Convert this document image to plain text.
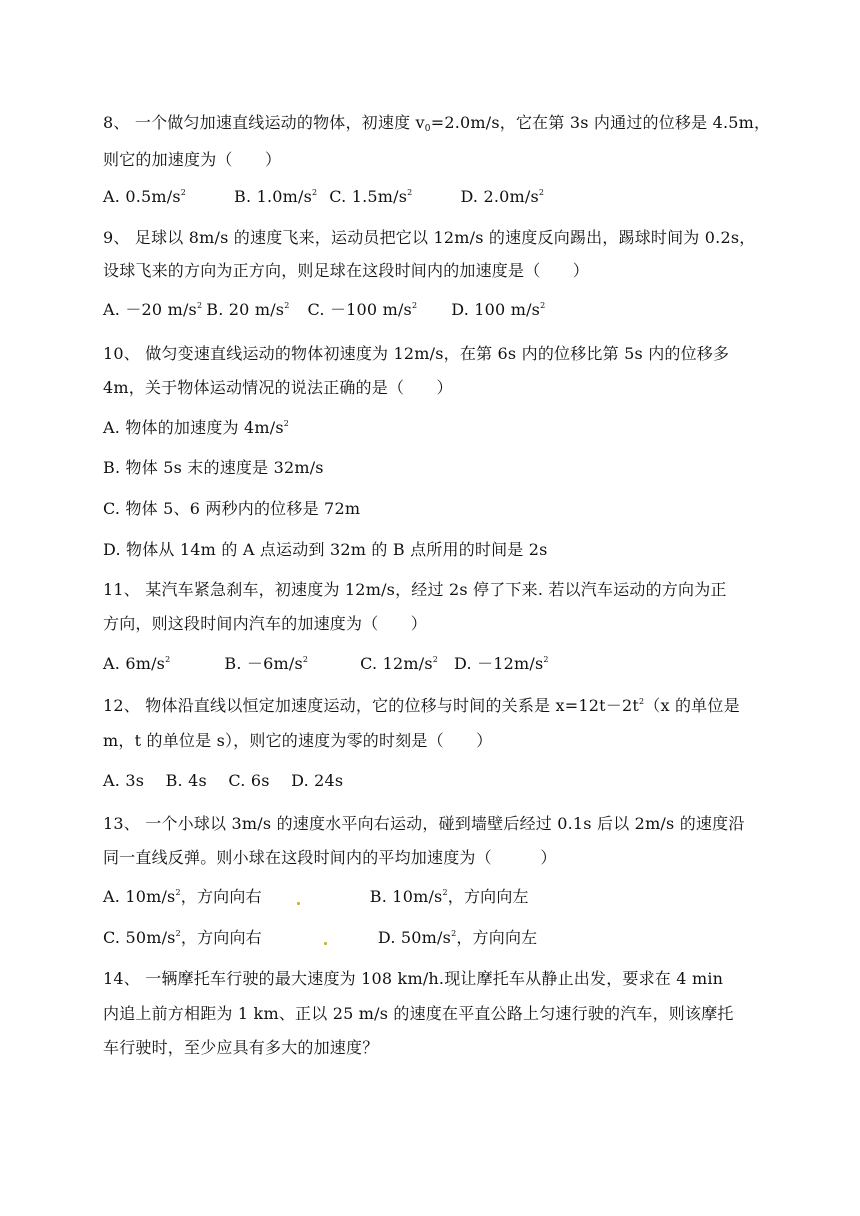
8、 一个做匀加速直线运动的物体，初速度 $v_0=2.0m/s$，它在第 3s 内通过的位移是 4.5m，
则它的加速度为（　　）
A. $0.5m/s^2$	B. $1.0m/s^2$ C. $1.5m/s^2$	D. $2.0m/s^2$
9、 足球以 8m/s 的速度飞来，运动员把它以 12m/s 的速度反向踢出，踢球时间为 0.2s，
设球飞来的方向为正方向，则足球在这段时间内的加速度是（　　）
A. －20 $m/s^2$ B. 20 $m/s^2$ C. －100 $m/s^2$ D. 100 $m/s^2$
10、 做匀变速直线运动的物体初速度为 12m/s，在第 6s 内的位移比第 5s 内的位移多
4m，关于物体运动情况的说法正确的是（　　）
A. 物体的加速度为 $4m/s^2$
B. 物体 5s 末的速度是 32m/s
C. 物体 5、6 两秒内的位移是 72m
D. 物体从 14m 的 A 点运动到 32m 的 B 点所用的时间是 2s
11、 某汽车紧急刹车，初速度为 12m/s，经过 2s 停了下来. 若以汽车运动的方向为正
方向，则这段时间内汽车的加速度为（　　）
A. $6m/s^2$	B. $-6m/s^2$	C. $12m/s^2$ D. $-12m/s^2$
12、 物体沿直线以恒定加速度运动，它的位移与时间的关系是 $x=12t-2t^2(x$ 的单位是
m，t 的单位是 s），则它的速度为零的时刻是（　　）
A. 3s　 B. 4s　 C. 6s　 D. 24s
13、 一个小球以 3m/s 的速度水平向右运动，碰到墙壁后经过 0.1s 后以 2m/s 的速度沿
同一直线反弹。则小球在这段时间内的平均加速度为（　　　）
A. $10m/s^2$，方向向右	B. $10m/s^2$，方向向左
C. $50m/s^2$，方向向右	D. $50m/s^2$，方向向左
14、 一辆摩托车行驶的最大速度为 108 km/h.现让摩托车从静止出发，要求在 4 min
内追上前方相距为 1 km、正以 25 m/s 的速度在平直公路上匀速行驶的汽车，则该摩托
车行驶时，至少应具有多大的加速度？
